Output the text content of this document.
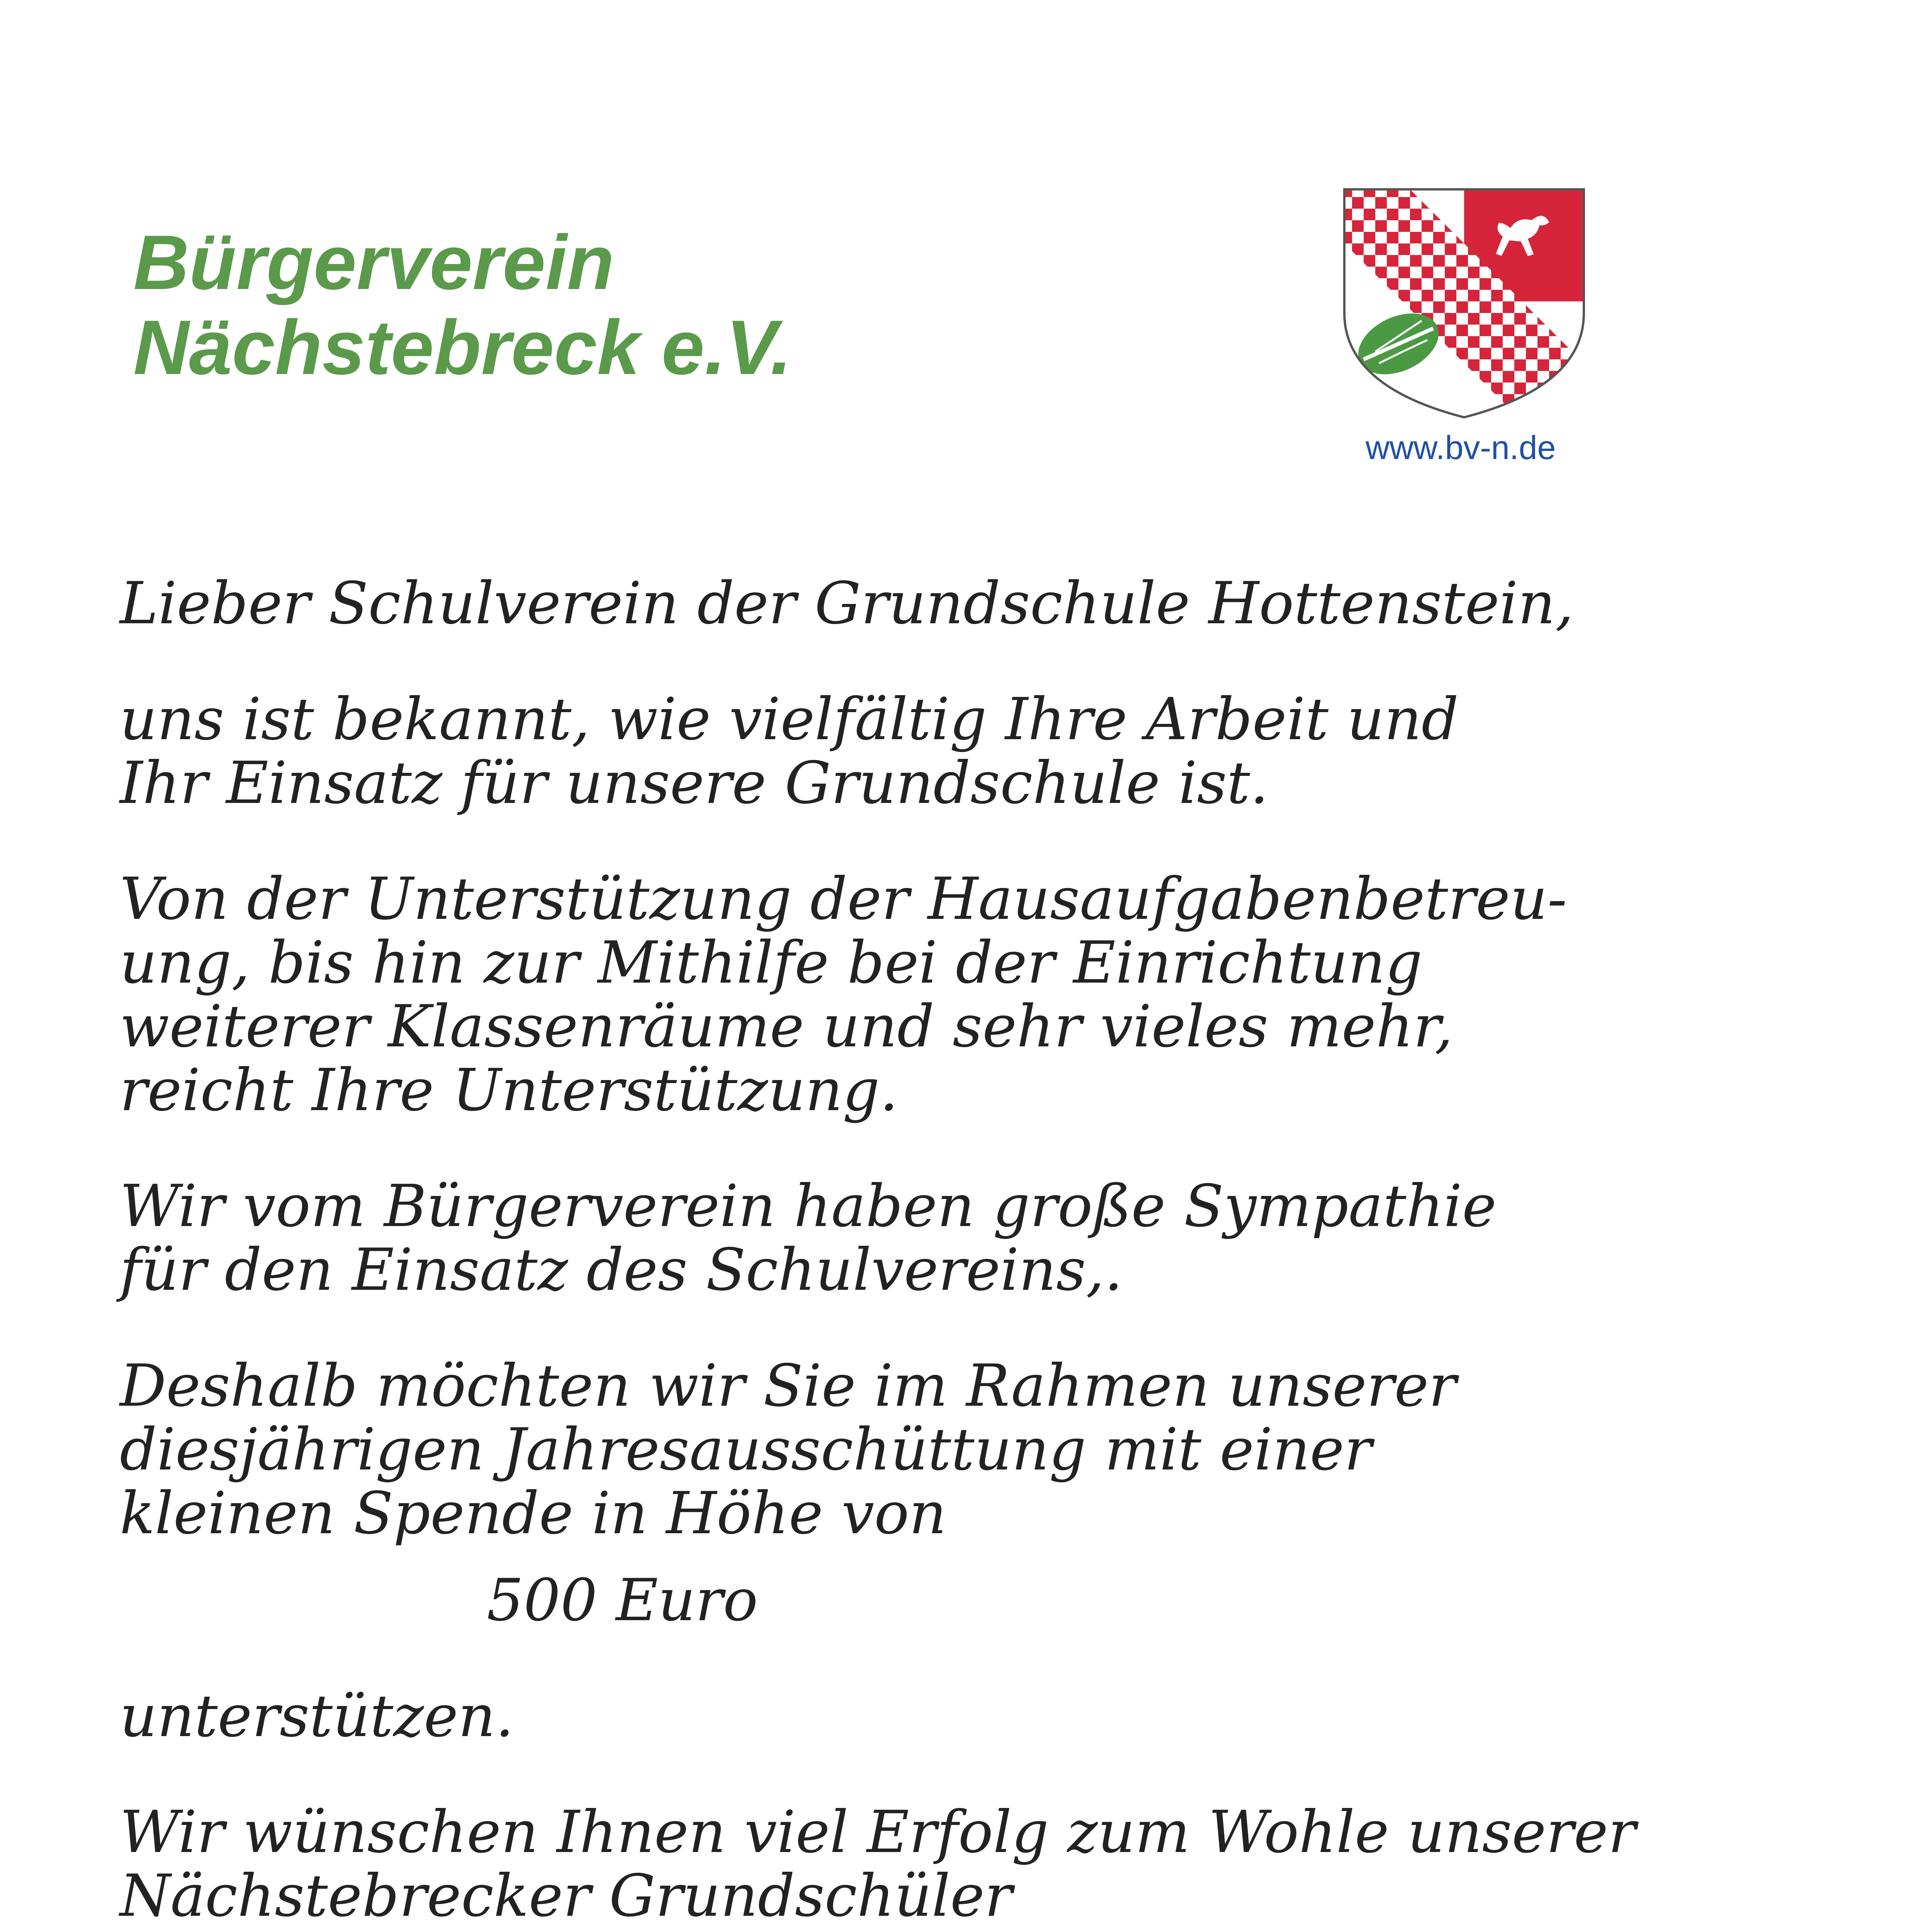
Bürgerverein
Nächstebreck e.V.
www.bv-n.de
Lieber Schulverein der Grundschule Hottenstein,
uns ist bekannt, wie vielfältig Ihre Arbeit und
Ihr Einsatz für unsere Grundschule ist.
Von der Unterstützung der Hausaufgabenbetreu-
ung, bis hin zur Mithilfe bei der Einrichtung
weiterer Klassenräume und sehr vieles mehr,
reicht Ihre Unterstützung.
Wir vom Bürgerverein haben große Sympathie
für den Einsatz des Schulvereins,.
Deshalb möchten wir Sie im Rahmen unserer
diesjährigen Jahresausschüttung mit einer
kleinen Spende in Höhe von
500 Euro
unterstützen.
Wir wünschen Ihnen viel Erfolg zum Wohle unserer
Nächstebrecker Grundschüler
